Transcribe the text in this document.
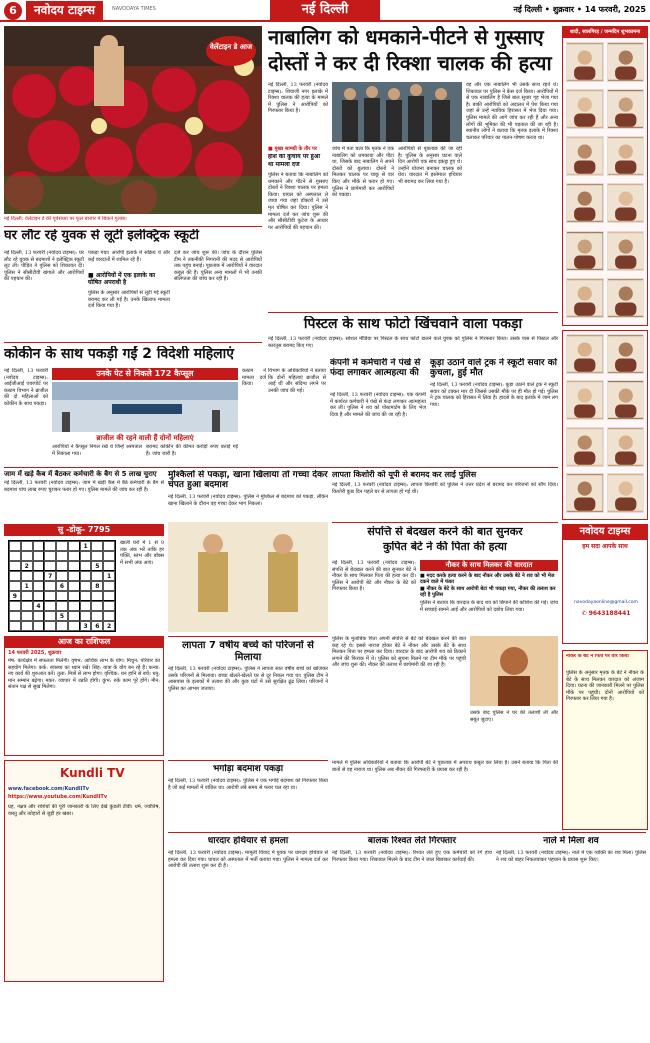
6	नवोदय टाइम्स	NAVODAYA TIMES	नई दिल्ली	नई दिल्ली • शुक्रवार • 14 फरवरी, 2025
वेलेंटाइन डे आज
नई दिल्ली: वेलेंटाइन डे की पूर्वसंध्या पर फूल बाजार में बिकते गुलाब।
नाबालिग को धमकाने-पीटने से गुस्साए
दोस्तों ने कर दी रिक्शा चालक की हत्या
नई दिल्ली, 13 फरवरी (नवोदय टाइम्स): शिवाजी नगर इलाके में रिक्शा चालक की हत्या के मामले में पुलिस ने आरोपियों को गिरफ्तार किया है।
■ मुख्य सामग्री के तौर पर
होश की कुचाय पर हुआ
था मामला दर्ज
पुलिस ने बताया कि नाबालिग को धमकाने और पीटने से गुस्साए दोस्तों ने रिक्शा चालक पर हमला किया। घायल को अस्पताल ले जाया गया जहां डॉक्टरों ने उसे मृत घोषित कर दिया। पुलिस ने मामला दर्ज कर जांच शुरू की और सीसीटीवी फुटेज के आधार पर आरोपियों की पहचान की।
जांच में पता चला कि मृतक ने एक नाबालिग को धमकाया और पीटा था, जिसके बाद नाबालिग ने अपने दोस्तों को बुलाया। दोस्तों ने मिलकर चालक पर चाकू से वार किए और मौके से फरार हो गए। पुलिस ने छापेमारी कर आरोपियों को पकड़ा।
आरोपियों से पूछताछ की जा रही है। पुलिस के अनुसार घटना वाले दिन आरोपी एक साथ इकट्ठा हुए थे। उन्होंने योजना बनाकर चालक को घेरा। वारदात में इस्तेमाल हथियार भी बरामद कर लिया गया है।
वह और एक नाबालिग भी उसके साथ रहते थे। शिकायत पर पुलिस ने केस दर्ज किया। आरोपियों में से एक नाबालिग है जिसे बाल सुधार गृह भेजा गया है। बाकी आरोपियों को अदालत में पेश किया गया जहां से उन्हें न्यायिक हिरासत में भेज दिया गया। पुलिस मामले की आगे जांच कर रही है और अन्य लोगों की भूमिका की भी पड़ताल की जा रही है। स्थानीय लोगों ने बताया कि मृतक इलाके में रिक्शा चलाकर परिवार का पालन-पोषण करता था।
घर लौट रहे युवक से लूटी इलेक्ट्रिक स्कूटी
नई दिल्ली, 13 फरवरी (नवोदय टाइम्स): घर लौट रहे युवक से बदमाशों ने इलेक्ट्रिक स्कूटी लूट ली। पीड़ित ने पुलिस को शिकायत दी। पुलिस ने सीसीटीवी खंगाले और आरोपियों की पहचान की।
पकड़ा गया। आरोपी इलाके में सक्रिय थे और कई वारदातों में शामिल रहे हैं।
■ आरोपियों में एक इलाके का घोषित अपराधी है
पुलिस के अनुसार आरोपियों से लूटी गई स्कूटी बरामद कर ली गई है। उनके खिलाफ मामला दर्ज किया गया है।
दर्ज कर जांच शुरू की। जांच के दौरान पुलिस टीम ने तकनीकी निगरानी की मदद से आरोपियों तक पहुंच बनाई। पूछताछ में आरोपियों ने वारदात कबूल की है। पुलिस अन्य मामलों में भी उनकी संलिप्तता की जांच कर रही है।
पिस्टल के साथ फोटो खिंचवाने वाला पकड़ा
नई दिल्ली, 13 फरवरी (नवोदय टाइम्स): सोशल मीडिया पर पिस्टल के साथ फोटो डालने वाले युवक को पुलिस ने गिरफ्तार किया। उसके पास से पिस्टल और कारतूस बरामद किए गए।
कोकीन के साथ पकड़ी गईं 2 विदेशी महिलाएं
नई दिल्ली, 13 फरवरी (नवोदय टाइम्स): आईजीआई एयरपोर्ट पर कस्टम विभाग ने ब्राजील की दो महिलाओं को कोकीन के साथ पकड़ा।
उनके पेट से निकले 172 कैप्सूल
ब्राजील की रहने वाली हैं दोनों महिलाएं
आरोपियों ने कैप्सूल निगल रखे थे जिन्हें अस्पताल में निकाला गया।
बरामद कोकीन की कीमत करोड़ों रुपए बताई गई है। जांच जारी है।
कस्टम ने मामला दर्ज किया।
विभाग के अधिकारियों ने बताया कि दोनों महिलाएं ब्राजील से आई थीं और संदिग्ध लगने पर उनकी जांच की गई।
कंपनी में कर्मचारी ने पंखे से फंदा लगाकर आत्महत्या की
नई दिल्ली, 13 फरवरी (नवोदय टाइम्स): एक कंपनी में कार्यरत कर्मचारी ने पंखे से फंदा लगाकर आत्महत्या कर ली। पुलिस ने शव को पोस्टमार्टम के लिए भेज दिया है और मामले की जांच की जा रही है।
कूड़ा उठाने वाले ट्रक ने स्कूटी सवार को कुचला, हुई मौत
नई दिल्ली, 13 फरवरी (नवोदय टाइम्स): कूड़ा उठाने वाले ट्रक ने स्कूटी सवार को टक्कर मार दी जिससे उसकी मौके पर ही मौत हो गई। पुलिस ने ट्रक चालक को हिरासत में लिया है। हादसे के बाद इलाके में जाम लग गया।
जाम में खड़े कैब में बैठकर कर्मचारी के बैग से 5 लाख चुराए
नई दिल्ली, 13 फरवरी (नवोदय टाइम्स): जाम में खड़ी कैब में बैठे कर्मचारी के बैग से बदमाश पांच लाख रुपए चुराकर फरार हो गए। पुलिस मामले की जांच कर रही है।
मुश्किलों से पकड़ा, खाना खिलाया तो गच्चा देकर चंपत हुआ बदमाश
नई दिल्ली, 13 फरवरी (नवोदय टाइम्स): पुलिस ने मुश्किल से बदमाश को पकड़ा, लेकिन खाना खिलाने के दौरान वह गच्चा देकर भाग निकला।
लापता किशोरी को यूपी से बरामद कर लाई पुलिस
नई दिल्ली, 13 फरवरी (नवोदय टाइम्स): लापता किशोरी को पुलिस ने उत्तर प्रदेश से बरामद कर परिजनों को सौंप दिया। किशोरी कुछ दिन पहले घर से लापता हो गई थी।
सु -डोकू- 7795
1
2	5
7	1
1	6	8
9
4
5
3	6	2
खाली घरों में 1 से 9 तक अंक भरें ताकि हर पंक्ति, स्तंभ और बॉक्स में सभी अंक आएं।
संपत्ति से बेदखल करने की बात सुनकर
कुपित बेटे ने की पिता की हत्या
नौकर के साथ मिलकर की वारदात
■ मदद करके हत्या करने के बाद नौकर और उसके बेटे ने शव को भी मेज दकने वाले में फंका
■ नौकर के बेटे के साथ आरोपी बेटा भी पकड़ा गया, नौकर की तलाश कर रही है पुलिस
नई दिल्ली, 13 फरवरी (नवोदय टाइम्स): संपत्ति से बेदखल करने की बात सुनकर बेटे ने नौकर के साथ मिलकर पिता की हत्या कर दी। पुलिस ने आरोपी बेटे और नौकर के बेटे को गिरफ्तार किया है।
पुलिस ने बताया कि वारदात के बाद शव को छिपाने की कोशिश की गई। जांच में सच्चाई सामने आई और आरोपियों को दबोच लिया गया।
आज का राशिफल
14 फरवरी 2025, शुक्रवार
मेष: कार्यक्षेत्र में सफलता मिलेगी। वृषभ: आर्थिक लाभ के योग। मिथुन: परिवार का सहयोग मिलेगा। कर्क: स्वास्थ्य का ध्यान रखें। सिंह: यात्रा के योग बन रहे हैं। कन्या: नए कार्य की शुरुआत करें। तुला: मित्रों से लाभ होगा। वृश्चिक: धन हानि से बचें। धनु: मान सम्मान बढ़ेगा। मकर: व्यापार में उन्नति होगी। कुंभ: रुके काम पूरे होंगे। मीन: संतान पक्ष से सुख मिलेगा।
लापता 7 वर्षीय बच्चे को परिजनों से मिलाया
नई दिल्ली, 13 फरवरी (नवोदय टाइम्स): पुलिस ने लापता सात वर्षीय बच्चे को खोजकर उसके परिजनों से मिलाया। बच्चा खेलते-खेलते घर से दूर निकल गया था। पुलिस टीम ने आसपास के इलाकों में तलाश की और कुछ घंटों में उसे सुरक्षित ढूंढ लिया। परिजनों ने पुलिस का आभार जताया।
पुलिस के मुताबिक पिता अपनी संपत्ति से बेटे को बेदखल करने की बात कह रहे थे। इससे नाराज होकर बेटे ने नौकर और उसके बेटे के साथ मिलकर पिता पर हमला कर दिया। वारदात के बाद आरोपी शव को ठिकाने लगाने की फिराक में थे। पुलिस को सूचना मिलने पर टीम मौके पर पहुंची और जांच शुरू की। नौकर की तलाश में छापेमारी की जा रही है।
उसके बाद पुलिस ने घर की तलाशी ली और सबूत जुटाए।
Kundli TV
www.facebook.com/KundliTv
https://www.youtube.com/KundliTv
ग्रह, नक्षत्र और राशियों की पूरी जानकारी के लिए देखें कुंडली टीवी। धर्म, ज्योतिष, वास्तु और त्योहारों से जुड़ी हर खबर।
भगोड़ा बदमाश पकड़ा
नई दिल्ली, 13 फरवरी (नवोदय टाइम्स): पुलिस ने एक भगोड़े बदमाश को गिरफ्तार किया है जो कई मामलों में वांछित था। आरोपी लंबे समय से फरार चल रहा था।
मामले में पुलिस अधिकारियों ने बताया कि आरोपी बेटे ने पूछताछ में अपराध कबूल कर लिया है। उसने बताया कि पिता की बातों से वह नाराज था। पुलिस अब नौकर की गिरफ्तारी के प्रयास कर रही है।
धारदार हथियार से हमला
नई दिल्ली, 13 फरवरी (नवोदय टाइम्स): मामूली विवाद में युवक पर धारदार हथियार से हमला कर दिया गया। घायल को अस्पताल में भर्ती कराया गया। पुलिस ने मामला दर्ज कर आरोपी की तलाश शुरू कर दी है।
बालक रिश्वत लेते गिरफ्तार
नई दिल्ली, 13 फरवरी (नवोदय टाइम्स): रिश्वत लेते हुए एक कर्मचारी को रंगे हाथ गिरफ्तार किया गया। शिकायत मिलने के बाद टीम ने जाल बिछाकर कार्रवाई की।
नाले में मिला शव
नई दिल्ली, 13 फरवरी (नवोदय टाइम्स): नाले में एक व्यक्ति का शव मिला। पुलिस ने शव को बाहर निकलवाकर पहचान के प्रयास शुरू किए।
शादी, सालगिरह / जन्मदिन शुभकामना
नवोदय टाइम्स
हम सदा आपके साथ
navodayaonline@gmail.com
✆ 9643188441
नौकर के बेटे ने पिता पर वार किया
पुलिस के अनुसार मृतक के बेटे ने नौकर के बेटे के साथ मिलकर वारदात को अंजाम दिया। घटना की जानकारी मिलने पर पुलिस मौके पर पहुंची। दोनों आरोपियों को गिरफ्तार कर लिया गया है।
